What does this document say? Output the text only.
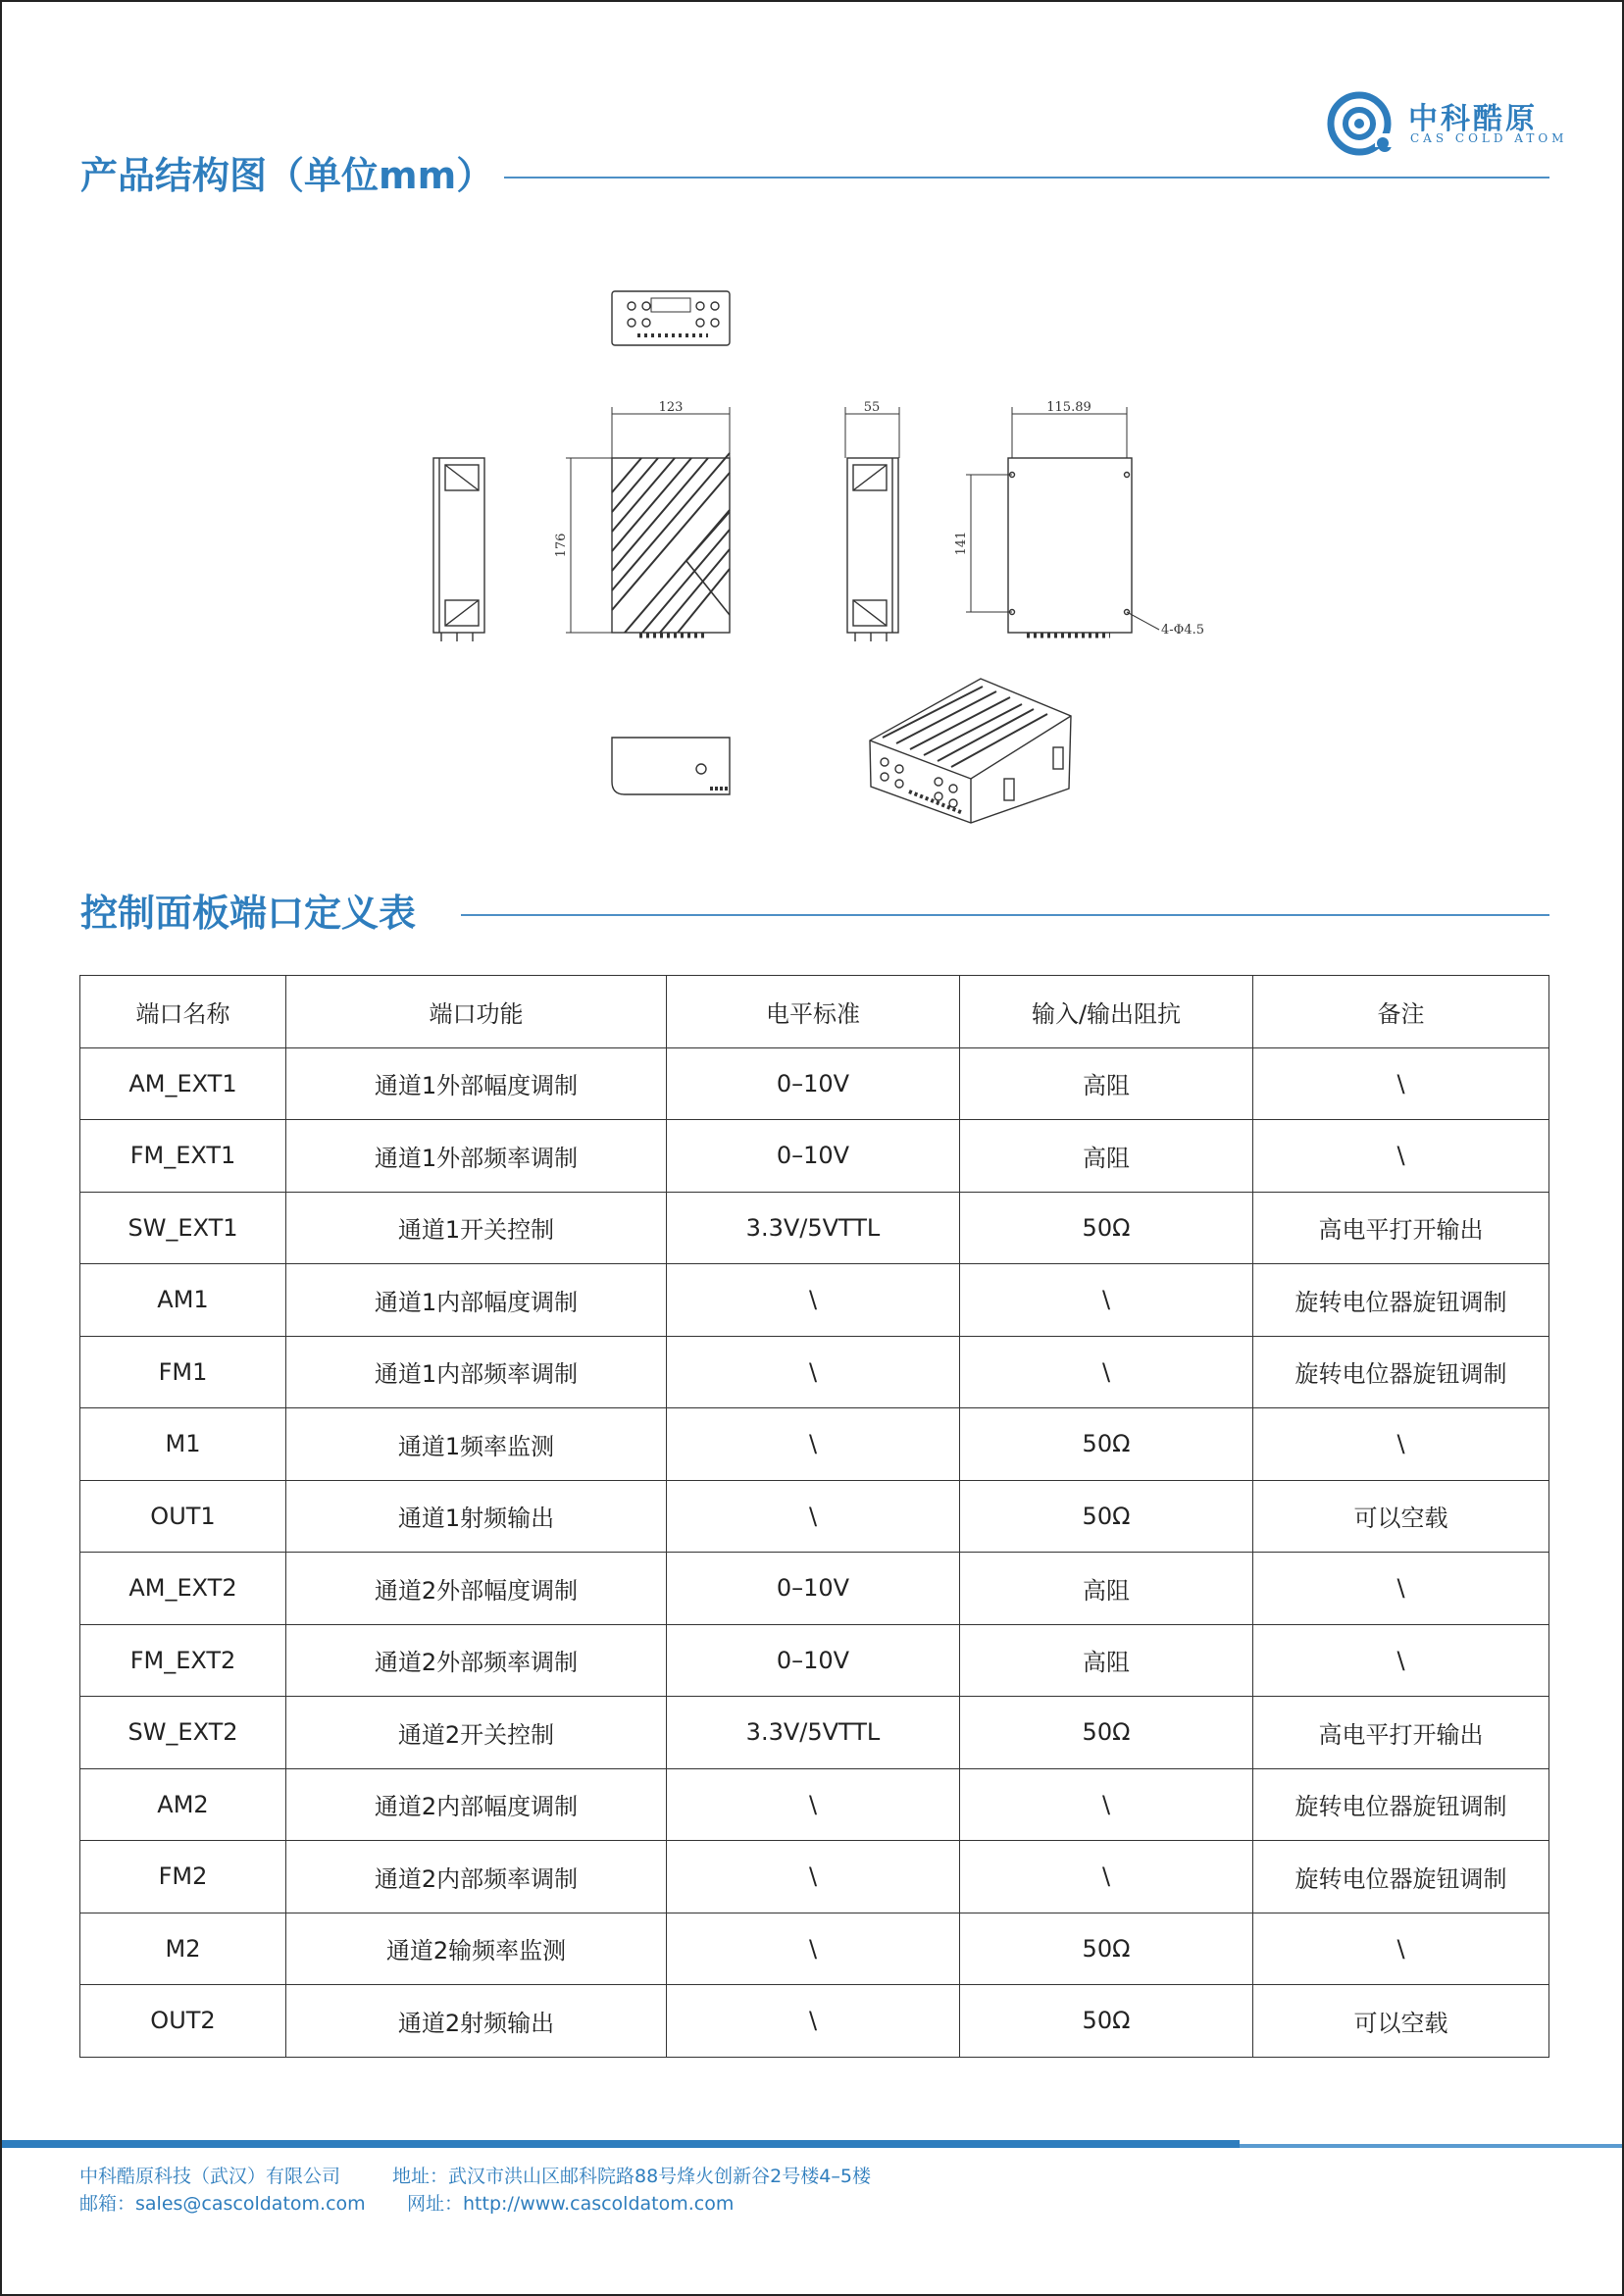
中科酷原
CAS COLD ATOM
产品结构图（单位mm）
123
176
55	115.89
141
4-Φ4.5
控制面板端口定义表
端口名称	端口功能	电平标准	输入/输出阻抗	备注
AM_EXT1	通道1外部幅度调制	0–10V	高阻	\
FM_EXT1	通道1外部频率调制	0–10V	高阻	\
SW_EXT1	通道1开关控制	3.3V/5VTTL	50Ω	高电平打开输出
AM1	通道1内部幅度调制	\	\	旋转电位器旋钮调制
FM1	通道1内部频率调制	\	\	旋转电位器旋钮调制
M1	通道1频率监测	\	50Ω	\
OUT1	通道1射频输出	\	50Ω	可以空载
AM_EXT2	通道2外部幅度调制	0–10V	高阻	\
FM_EXT2	通道2外部频率调制	0–10V	高阻	\
SW_EXT2	通道2开关控制	3.3V/5VTTL	50Ω	高电平打开输出
AM2	通道2内部幅度调制	\	\	旋转电位器旋钮调制
FM2	通道2内部频率调制	\	\	旋转电位器旋钮调制
M2	通道2输频率监测	\	50Ω	\
OUT2	通道2射频输出	\	50Ω	可以空载
中科酷原科技（武汉）有限公司	地址：武汉市洪山区邮科院路88号烽火创新谷2号楼4–5楼
邮箱：sales@cascoldatom.com 网址：http://www.cascoldatom.com
